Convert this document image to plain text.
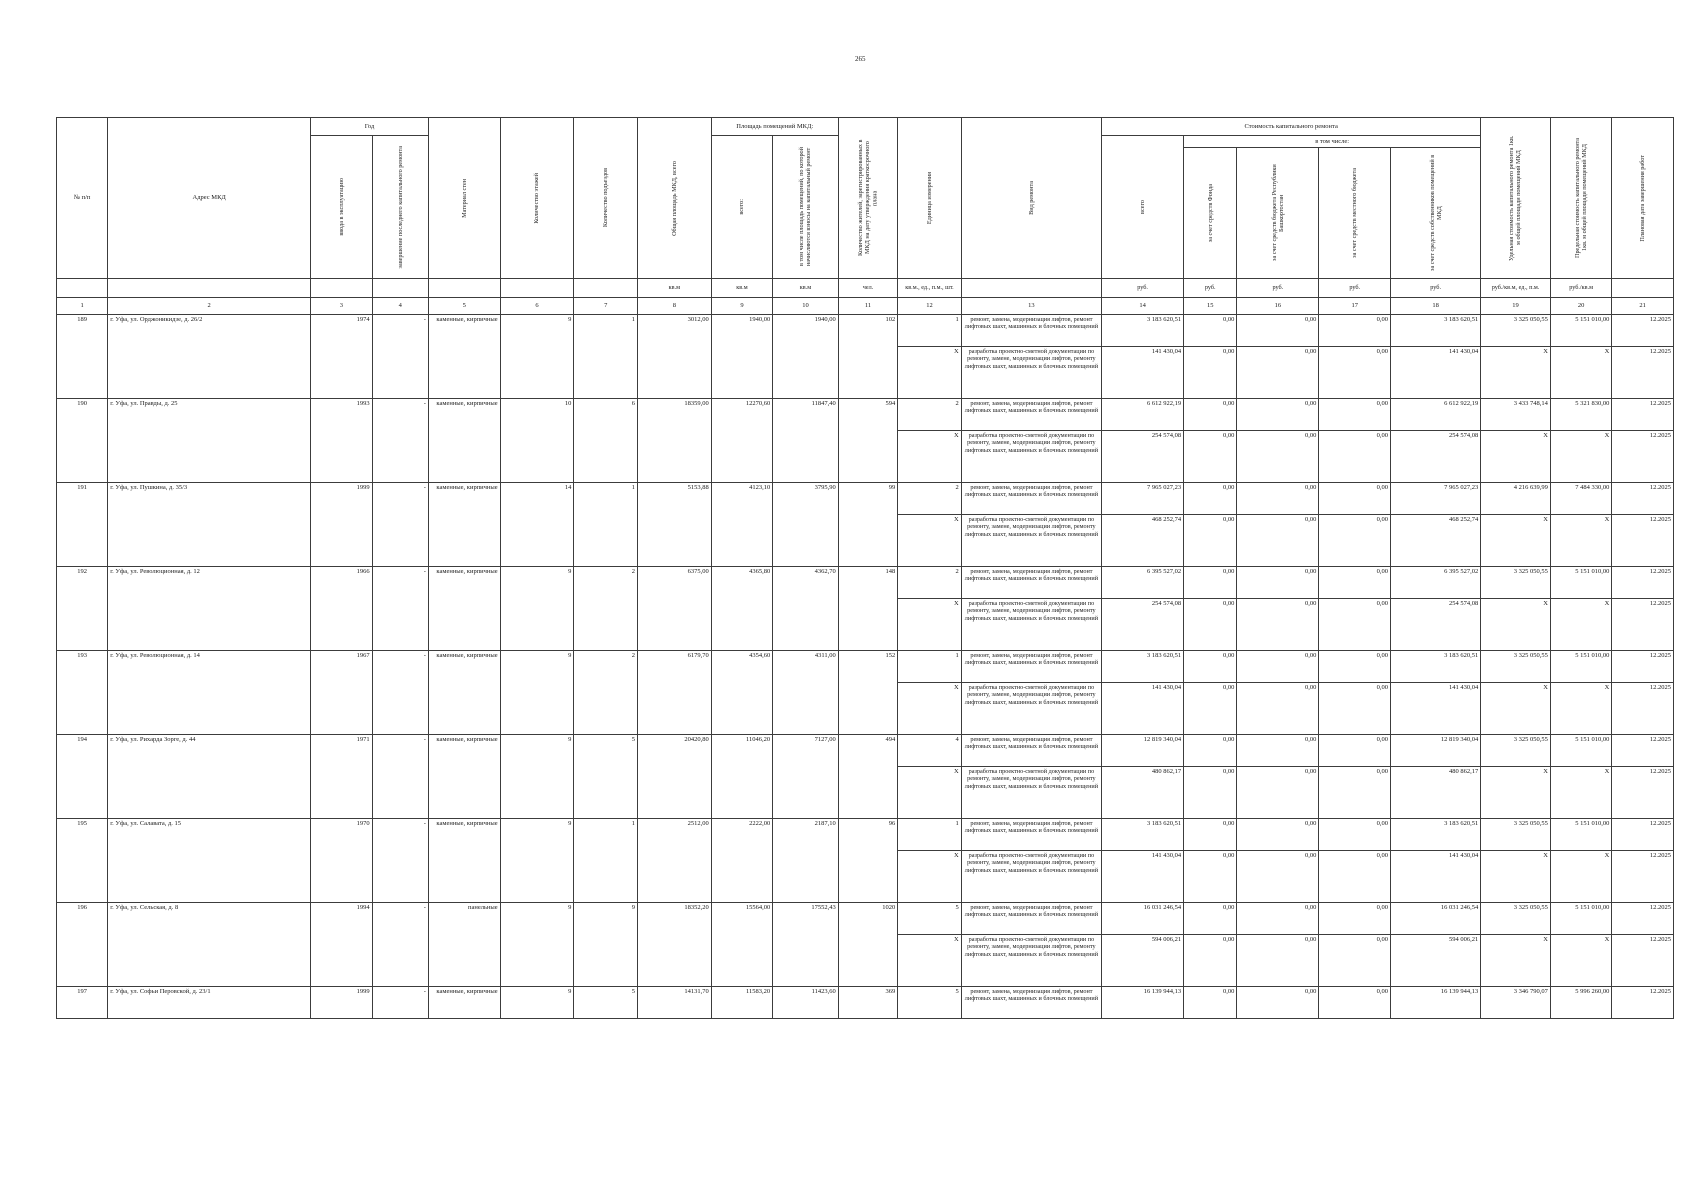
265
№ п/п	Адрес МКД	Год		Материал стен	Количество этажей	Количество подъездов	Общая площадь МКД, всего	Площадь помещений МКД:		Количество жителей, зарегистрированных в МКД на дату утверждения краткосрочного плана	Единица измерения	Вид ремонта	Стоимость капитального ремонта					Удельная стоимость капитального ремонта 1кв. м общей площади помещений МКД	Предельная стоимость капитального ремонта 1кв. м общей площади помещений МКД	Плановая дата завершения работ

		ввода в эксплуатацию	завершение последнего капитального ремонта					всего:	в том числе площадь помещений, по которой начисляются взносы на капитальный ремонт				всего	в том числе:						

														за счет средств Фонда	за счет средств бюджета Республики Башкортостан	за счет средств местного бюджета	за счет средств собственников помещений в МКД			

							кв.м	кв.м	кв.м	чел.	кв.м., ед., п.м., шт.		руб.	руб.	руб.	руб.	руб.	руб./кв.м, ед., п.м.	руб./кв.м	
1	2	3	4	5	6	7	8	9	10	11	12	13	14	15	16	17	18	19	20	21
189	г. Уфа, ул. Орджоникидзе, д. 26/2	1974	-	каменные, кирпичные	9	1	3012,00	1940,00	1940,00	102	1	ремонт, замена, модернизация лифтов, ремонт лифтовых шахт, машинных и блочных помещений	3 183 620,51	0,00	0,00	0,00	3 183 620,51	3 325 050,55	5 151 010,00	12.2025
											X	разработка проектно-сметной документации по ремонту, замене, модернизации лифтов, ремонту лифтовых шахт, машинных и блочных помещений	141 430,04	0,00	0,00	0,00	141 430,04	X	X	12.2025
190	г. Уфа, ул. Правды, д. 25	1993	-	каменные, кирпичные	10	6	18359,00	12270,60	11847,40	594	2	ремонт, замена, модернизация лифтов, ремонт лифтовых шахт, машинных и блочных помещений	6 612 922,19	0,00	0,00	0,00	6 612 922,19	3 433 748,14	5 321 830,00	12.2025
											X	разработка проектно-сметной документации по ремонту, замене, модернизации лифтов, ремонту лифтовых шахт, машинных и блочных помещений	254 574,08	0,00	0,00	0,00	254 574,08	X	X	12.2025
191	г. Уфа, ул. Пушкина, д. 35/3	1999	-	каменные, кирпичные	14	1	5153,88	4123,10	3795,90	99	2	ремонт, замена, модернизация лифтов, ремонт лифтовых шахт, машинных и блочных помещений	7 965 027,23	0,00	0,00	0,00	7 965 027,23	4 216 639,99	7 484 330,00	12.2025
											X	разработка проектно-сметной документации по ремонту, замене, модернизации лифтов, ремонту лифтовых шахт, машинных и блочных помещений	468 252,74	0,00	0,00	0,00	468 252,74	X	X	12.2025
192	г. Уфа, ул. Революционная, д. 12	1966	-	каменные, кирпичные	9	2	6375,00	4365,80	4362,70	148	2	ремонт, замена, модернизация лифтов, ремонт лифтовых шахт, машинных и блочных помещений	6 395 527,02	0,00	0,00	0,00	6 395 527,02	3 325 050,55	5 151 010,00	12.2025
											X	разработка проектно-сметной документации по ремонту, замене, модернизации лифтов, ремонту лифтовых шахт, машинных и блочных помещений	254 574,08	0,00	0,00	0,00	254 574,08	X	X	12.2025
193	г. Уфа, ул. Революционная, д. 14	1967	-	каменные, кирпичные	9	2	6179,70	4354,60	4311,00	152	1	ремонт, замена, модернизация лифтов, ремонт лифтовых шахт, машинных и блочных помещений	3 183 620,51	0,00	0,00	0,00	3 183 620,51	3 325 050,55	5 151 010,00	12.2025
											X	разработка проектно-сметной документации по ремонту, замене, модернизации лифтов, ремонту лифтовых шахт, машинных и блочных помещений	141 430,04	0,00	0,00	0,00	141 430,04	X	X	12.2025
194	г. Уфа, ул. Рихарда Зорге, д. 44	1971	-	каменные, кирпичные	9	5	20420,80	11046,20	7127,00	494	4	ремонт, замена, модернизация лифтов, ремонт лифтовых шахт, машинных и блочных помещений	12 819 340,04	0,00	0,00	0,00	12 819 340,04	3 325 050,55	5 151 010,00	12.2025
											X	разработка проектно-сметной документации по ремонту, замене, модернизации лифтов, ремонту лифтовых шахт, машинных и блочных помещений	480 862,17	0,00	0,00	0,00	480 862,17	X	X	12.2025
195	г. Уфа, ул. Салавата, д. 15	1970	-	каменные, кирпичные	9	1	2512,00	2222,00	2187,10	96	1	ремонт, замена, модернизация лифтов, ремонт лифтовых шахт, машинных и блочных помещений	3 183 620,51	0,00	0,00	0,00	3 183 620,51	3 325 050,55	5 151 010,00	12.2025
											X	разработка проектно-сметной документации по ремонту, замене, модернизации лифтов, ремонту лифтовых шахт, машинных и блочных помещений	141 430,04	0,00	0,00	0,00	141 430,04	X	X	12.2025
196	г. Уфа, ул. Сельская, д. 8	1994	-	панельные	9	9	18352,20	15564,00	17552,43	1020	5	ремонт, замена, модернизация лифтов, ремонт лифтовых шахт, машинных и блочных помещений	16 031 246,54	0,00	0,00	0,00	16 031 246,54	3 325 050,55	5 151 010,00	12.2025
											X	разработка проектно-сметной документации по ремонту, замене, модернизации лифтов, ремонту лифтовых шахт, машинных и блочных помещений	594 006,21	0,00	0,00	0,00	594 006,21	X	X	12.2025
197	г. Уфа, ул. Софьи Перовской, д. 23/1	1999	-	каменные, кирпичные	9	5	14131,70	11583,20	11423,60	369	5	ремонт, замена, модернизация лифтов, ремонт лифтовых шахт, машинных и блочных помещений	16 139 944,13	0,00	0,00	0,00	16 139 944,13	3 346 790,07	5 996 260,00	12.2025
